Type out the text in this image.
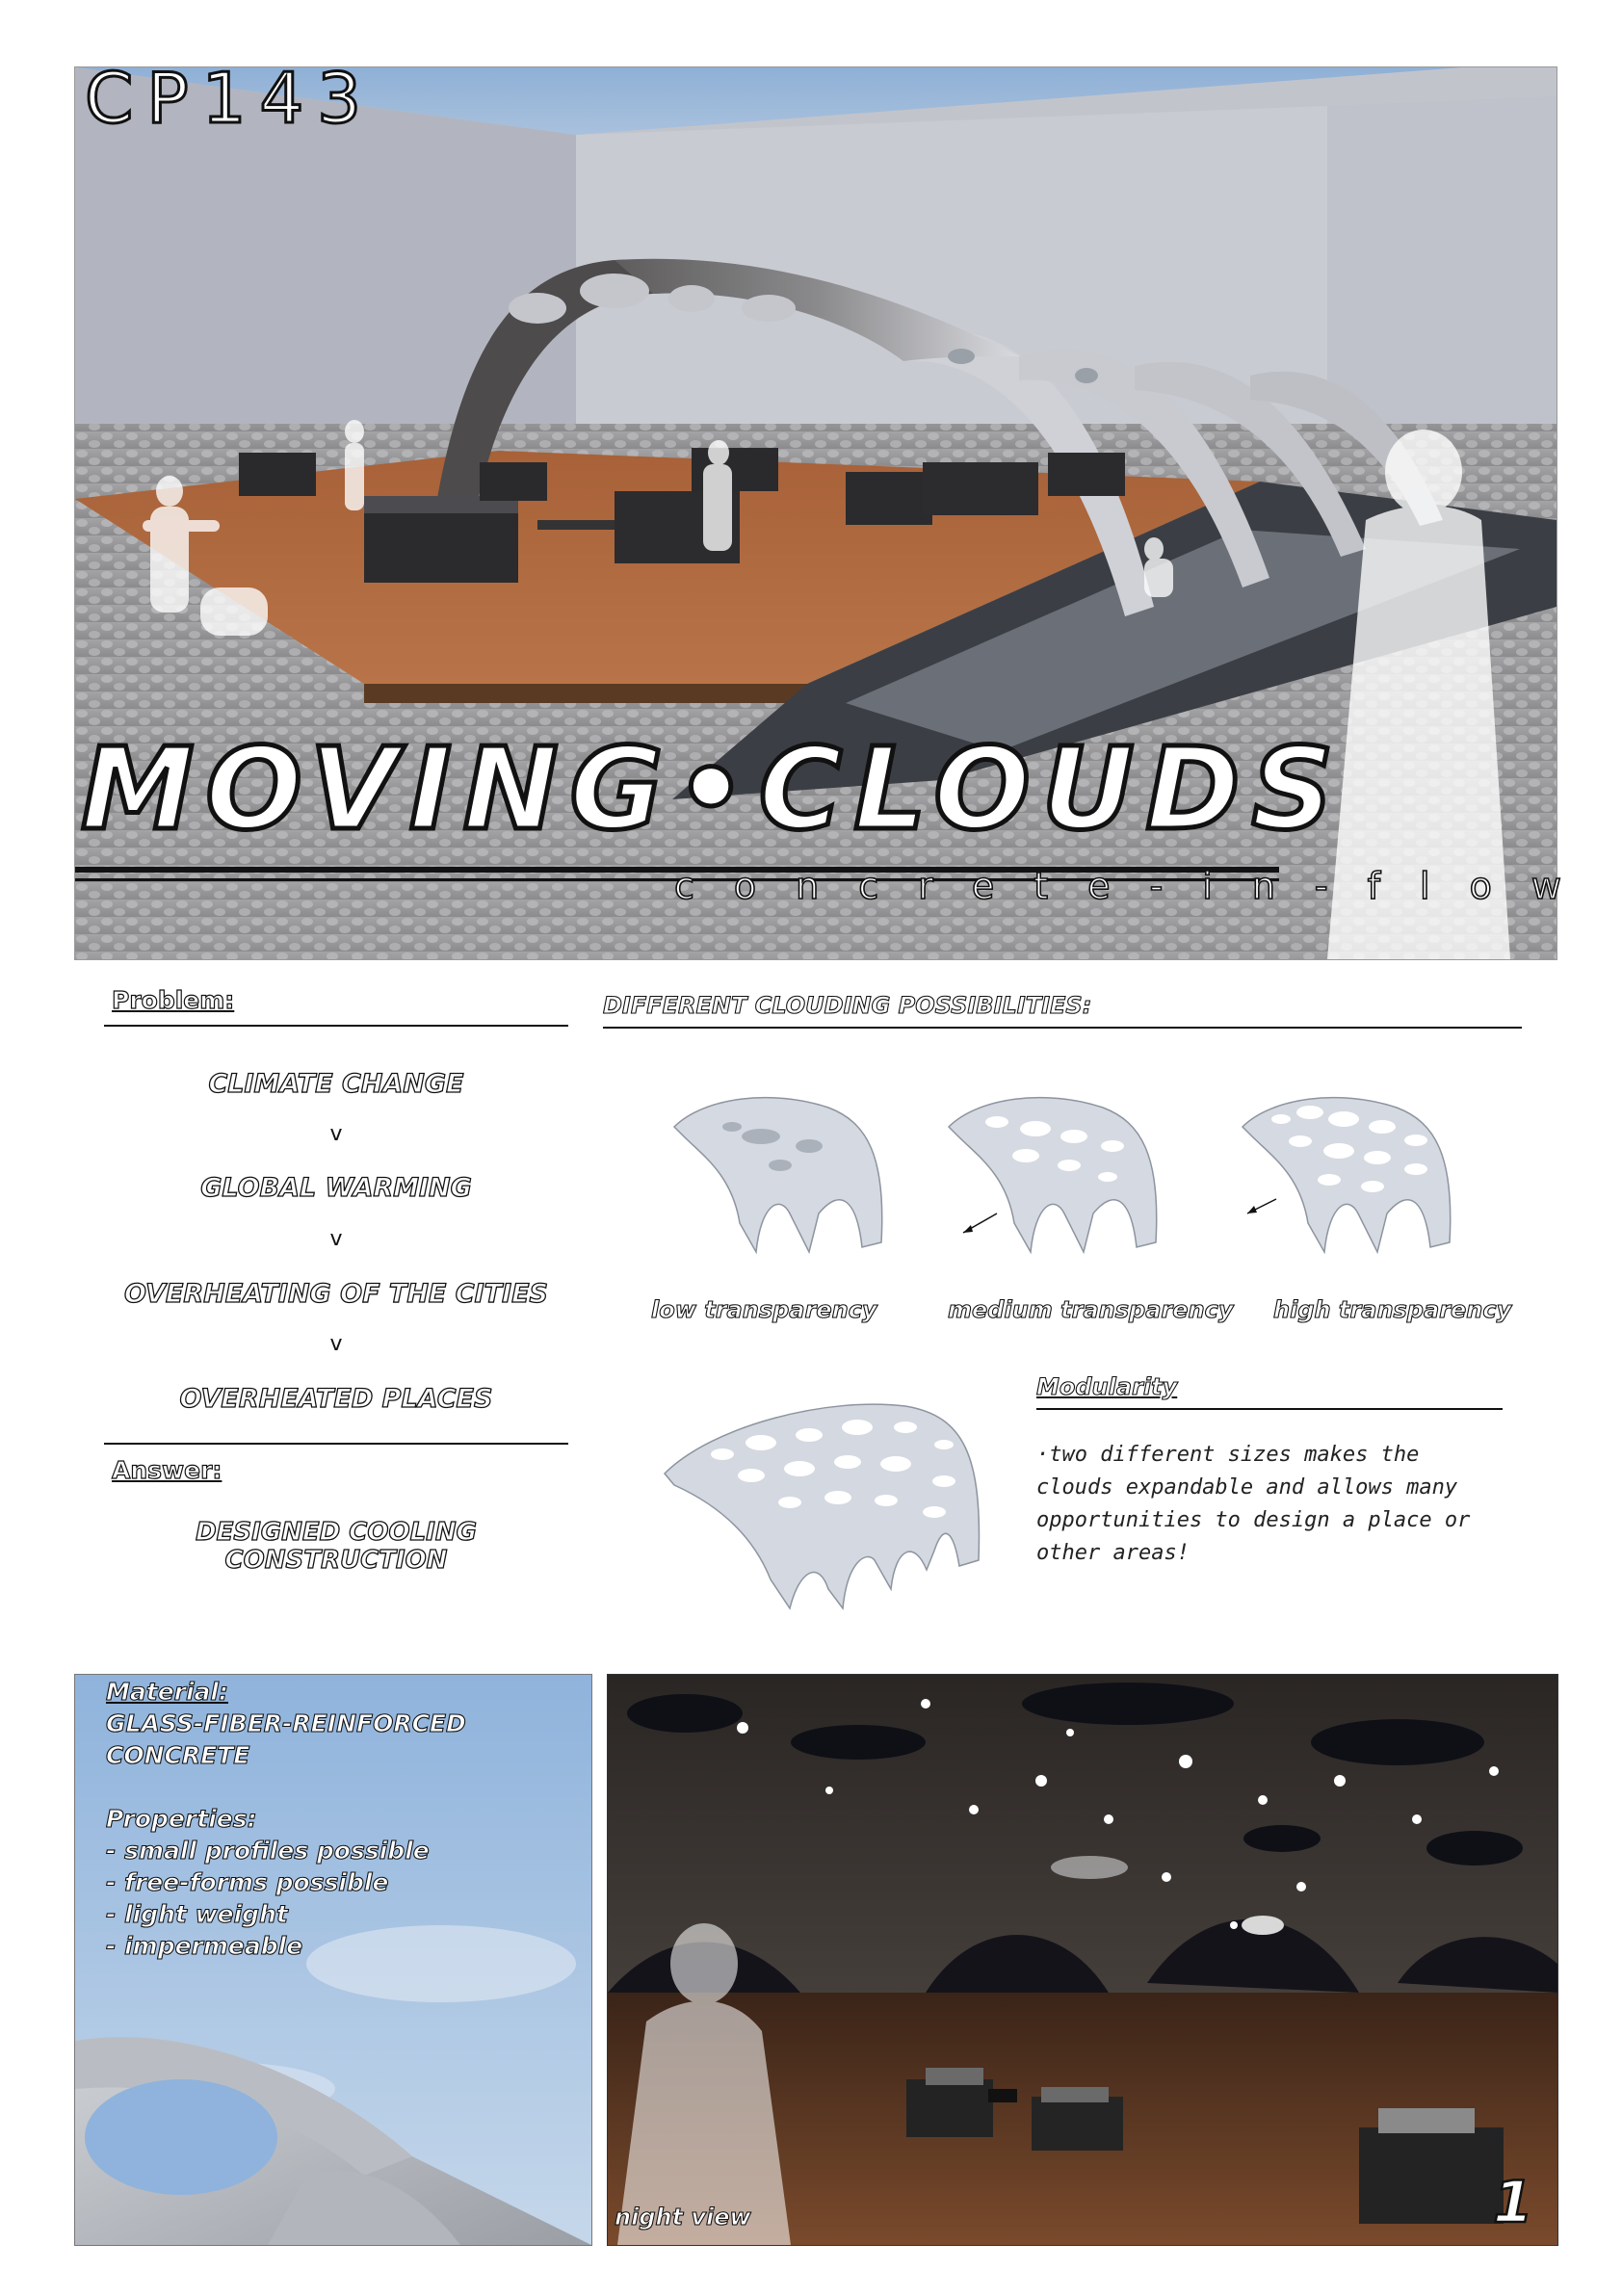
CP143
MOVING•CLOUDS
concrete-in-flow
Problem:
CLIMATE CHANGE
v
GLOBAL WARMING
v
OVERHEATING OF THE CITIES
v
OVERHEATED PLACES
Answer:
DESIGNED COOLING
CONSTRUCTION
DIFFERENT CLOUDING POSSIBILITIES:
low transparency	medium transparency high transparency
Modularity
·two different sizes makes the
clouds expandable and allows many
opportunities to design a place or
other areas!
Material:
GLASS-FIBER-REINFORCED
CONCRETE
Properties:
- small profiles possible
- free-forms possible
- light weight
- impermeable
night view	1
